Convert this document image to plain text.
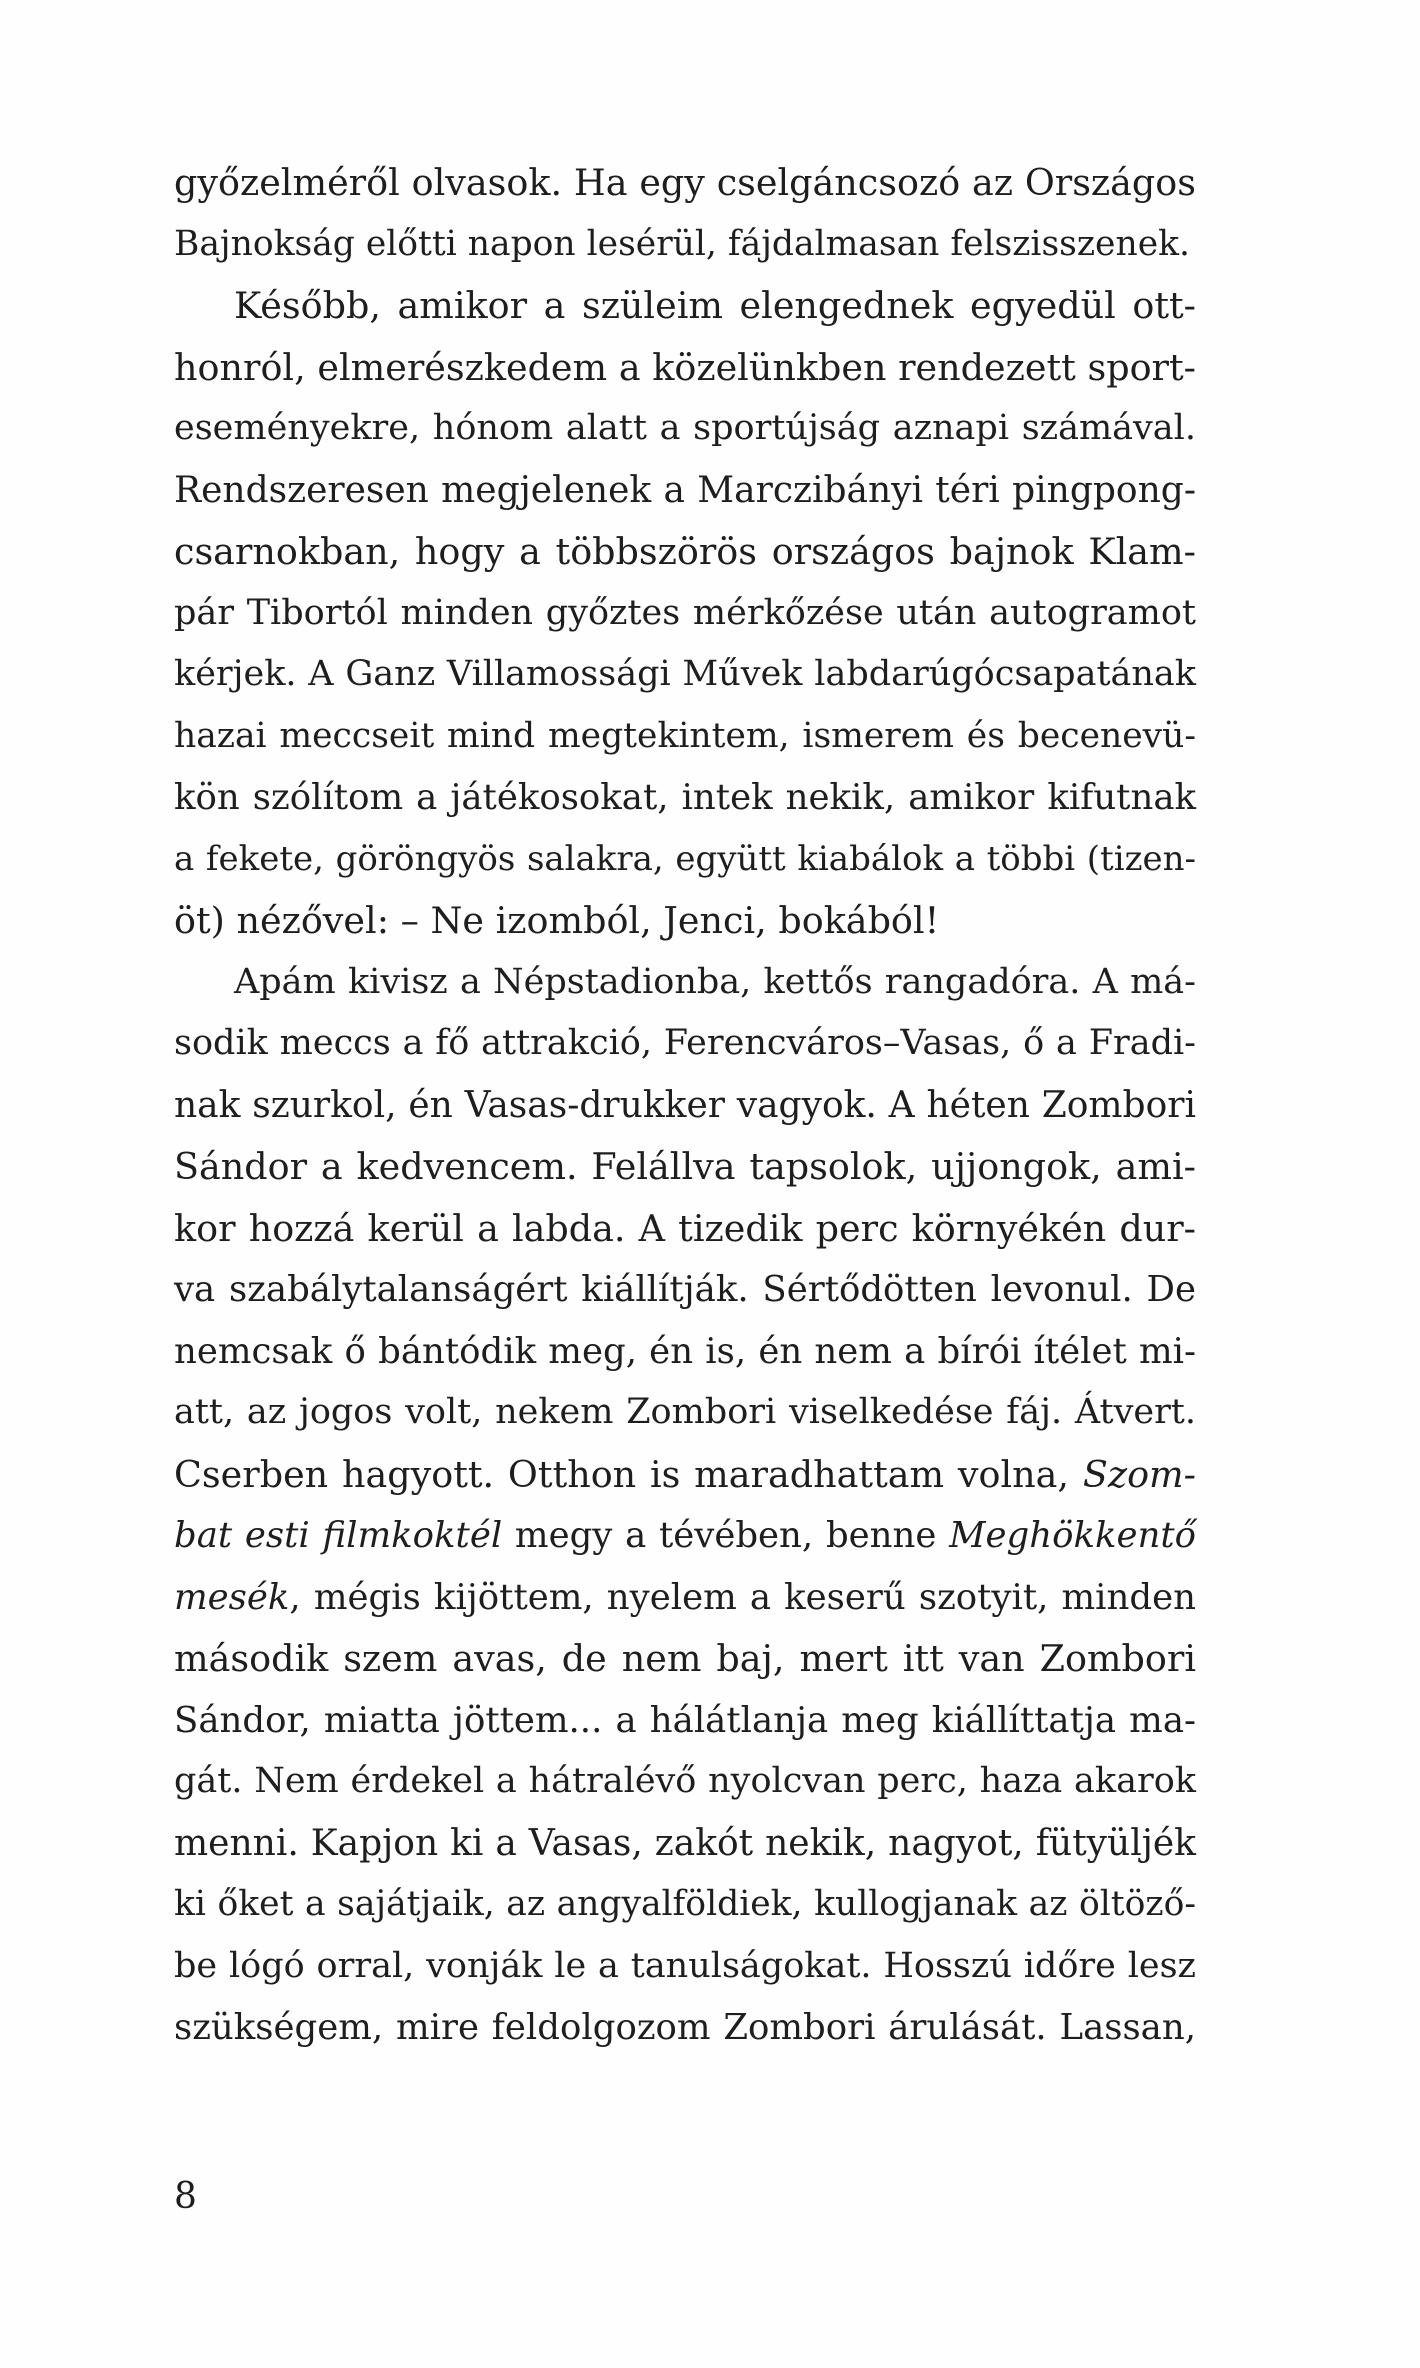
győzelméről olvasok. Ha egy cselgáncsozó az Országos
Bajnokság előtti napon lesérül, fájdalmasan felszisszenek.
Később, amikor a szüleim elengednek egyedül ott-
honról, elmerészkedem a közelünkben rendezett sport-
eseményekre, hónom alatt a sportújság aznapi számával.
Rendszeresen megjelenek a Marczibányi téri pingpong-
csarnokban, hogy a többszörös országos bajnok Klam-
pár Tibortól minden győztes mérkőzése után autogramot
kérjek. A Ganz Villamossági Művek labdarúgócsapatának
hazai meccseit mind megtekintem, ismerem és becenevü-
kön szólítom a játékosokat, intek nekik, amikor kifutnak
a fekete, göröngyös salakra, együtt kiabálok a többi (tizen-
öt) nézővel: – Ne izomból, Jenci, bokából!
Apám kivisz a Népstadionba, kettős rangadóra. A má-
sodik meccs a fő attrakció, Ferencváros–Vasas, ő a Fradi-
nak szurkol, én Vasas-drukker vagyok. A héten Zombori
Sándor a kedvencem. Felállva tapsolok, ujjongok, ami-
kor hozzá kerül a labda. A tizedik perc környékén dur-
va szabálytalanságért kiállítják. Sértődötten levonul. De
nemcsak ő bántódik meg, én is, én nem a bírói ítélet mi-
att, az jogos volt, nekem Zombori viselkedése fáj. Átvert.
Cserben hagyott. Otthon is maradhattam volna, Szom-
bat esti filmkoktél megy a tévében, benne Meghökkentő
mesék, mégis kijöttem, nyelem a keserű szotyit, minden
második szem avas, de nem baj, mert itt van Zombori
Sándor, miatta jöttem... a hálátlanja meg kiállíttatja ma-
gát. Nem érdekel a hátralévő nyolcvan perc, haza akarok
menni. Kapjon ki a Vasas, zakót nekik, nagyot, fütyüljék
ki őket a sajátjaik, az angyalföldiek, kullogjanak az öltöző-
be lógó orral, vonják le a tanulságokat. Hosszú időre lesz
szükségem, mire feldolgozom Zombori árulását. Lassan,
8
